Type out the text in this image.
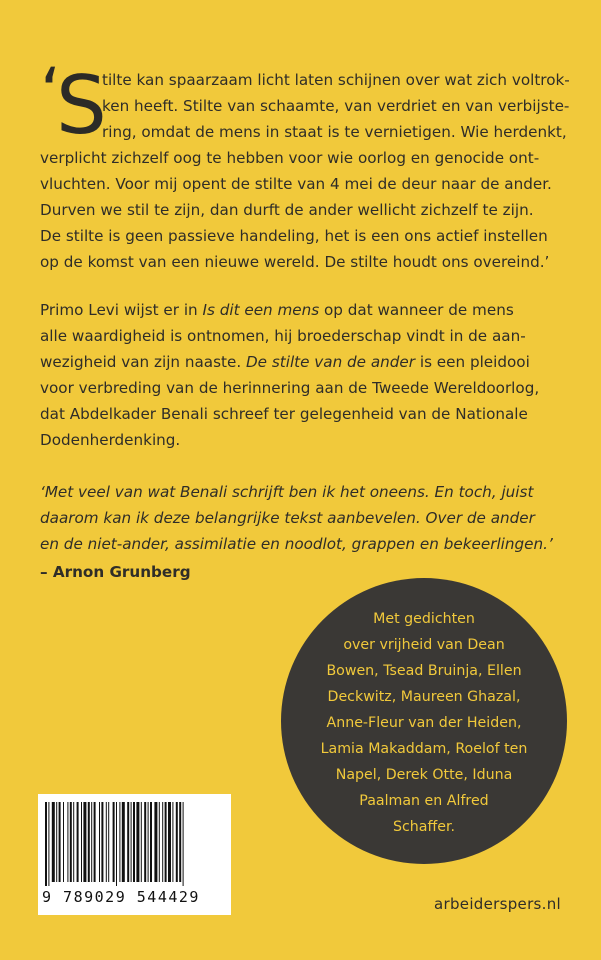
‘
S
tilte kan spaarzaam licht laten schijnen over wat zich voltrok-
ken heeft. Stilte van schaamte, van verdriet en van verbijste-
ring, omdat de mens in staat is te vernietigen. Wie herdenkt,
verplicht zichzelf oog te hebben voor wie oorlog en genocide ont-
vluchten. Voor mij opent de stilte van 4 mei de deur naar de ander.
Durven we stil te zijn, dan durft de ander wellicht zichzelf te zijn.
De stilte is geen passieve handeling, het is een ons actief instellen
op de komst van een nieuwe wereld. De stilte houdt ons overeind.’
Primo Levi wijst er in Is dit een mens op dat wanneer de mens
alle waardigheid is ontnomen, hij broederschap vindt in de aan-
wezigheid van zijn naaste. De stilte van de ander is een pleidooi
voor verbreding van de herinnering aan de Tweede Wereldoorlog,
dat Abdelkader Benali schreef ter gelegenheid van de Nationale
Dodenherdenking.
‘Met veel van wat Benali schrijft ben ik het oneens. En toch, juist
daarom kan ik deze belangrijke tekst aanbevelen. Over de ander
en de niet-ander, assimilatie en noodlot, grappen en bekeerlingen.’
– Arnon Grunberg
Met gedichten
over vrijheid van Dean
Bowen, Tsead Bruinja, Ellen
Deckwitz, Maureen Ghazal,
Anne-Fleur van der Heiden,
Lamia Makaddam, Roelof ten
Napel, Derek Otte, Iduna
Paalman en Alfred
Schaffer.
9 789029 544429	arbeiderspers.nl
